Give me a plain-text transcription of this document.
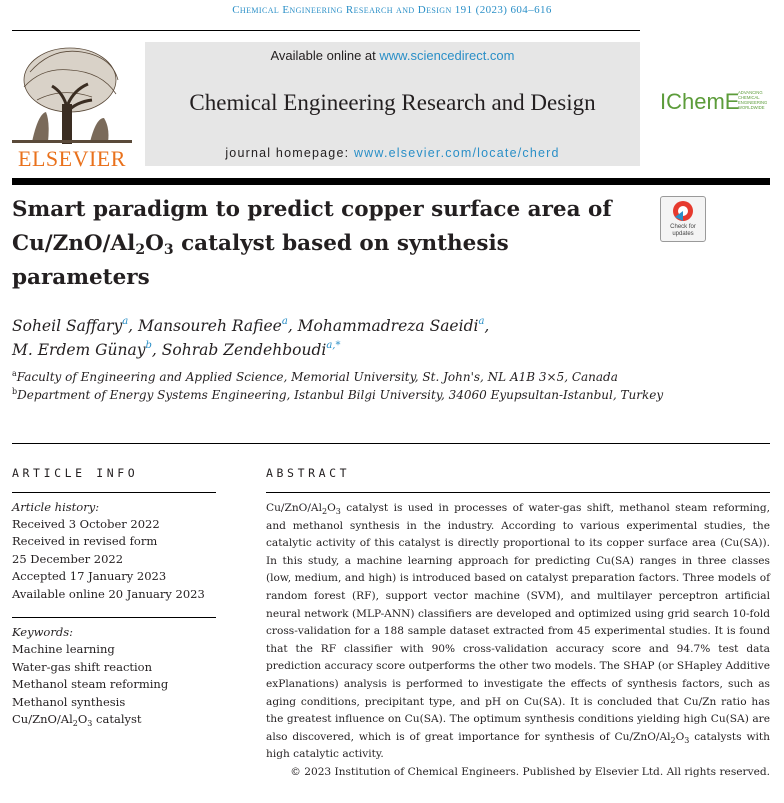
Chemical Engineering Research and Design 191 (2023) 604–616
ELSEVIER
Available online at www.sciencedirect.com
Chemical Engineering Research and Design
journal homepage: www.elsevier.com/locate/cherd
IChemE
ADVANCING
CHEMICAL
ENGINEERING
WORLDWIDE
Smart paradigm to predict copper surface area of
$Cu/ZnO/Al_2O_3$ catalyst based on synthesis
parameters
Check for
updates
Soheil Saffary$^a$, Mansoureh Rafiee$^a$, Mohammadreza Saeidi$^a$,
M. Erdem Günay$^b$, Sohrab Zendehboudi$^{a,*}$
$^a$Faculty of Engineering and Applied Science, Memorial University, St. John's, NL A1B 3×5, Canada
$^b$Department of Energy Systems Engineering, Istanbul Bilgi University, 34060 Eyupsultan-Istanbul, Turkey
ARTICLE INFO
Article history:
Received 3 October 2022
Received in revised form
25 December 2022
Accepted 17 January 2023
Available online 20 January 2023
Keywords:
Machine learning
Water-gas shift reaction
Methanol steam reforming
Methanol synthesis
$Cu/ZnO/Al_2O_3$ catalyst
ABSTRACT
$Cu/ZnO/Al_2O_3$ catalyst is used in processes of water-gas shift, methanol steam reforming, and methanol synthesis in the industry. According to various experimental studies, the catalytic activity of this catalyst is directly proportional to its copper surface area (Cu(SA)). In this study, a machine learning approach for predicting Cu(SA) ranges in three classes (low, medium, and high) is introduced based on catalyst preparation factors. Three models of random forest (RF), support vector machine (SVM), and multilayer perceptron artificial neural network (MLP-ANN) classifiers are developed and optimized using grid search 10-fold cross-validation for a 188 sample dataset extracted from 45 experimental studies. It is found that the RF classifier with 90% cross-validation accuracy score and 94.7% test data prediction accuracy score outperforms the other two models. The SHAP (or SHapley Additive exPlanations) analysis is performed to investigate the effects of synthesis factors, such as aging conditions, precipitant type, and pH on Cu(SA). It is concluded that Cu/Zn ratio has the greatest influence on Cu(SA). The optimum synthesis conditions yielding high Cu(SA) are also discovered, which is of great importance for synthesis of $Cu/ZnO/Al_2O_3$ catalysts with high catalytic activity.
© 2023 Institution of Chemical Engineers. Published by Elsevier Ltd. All rights reserved.
